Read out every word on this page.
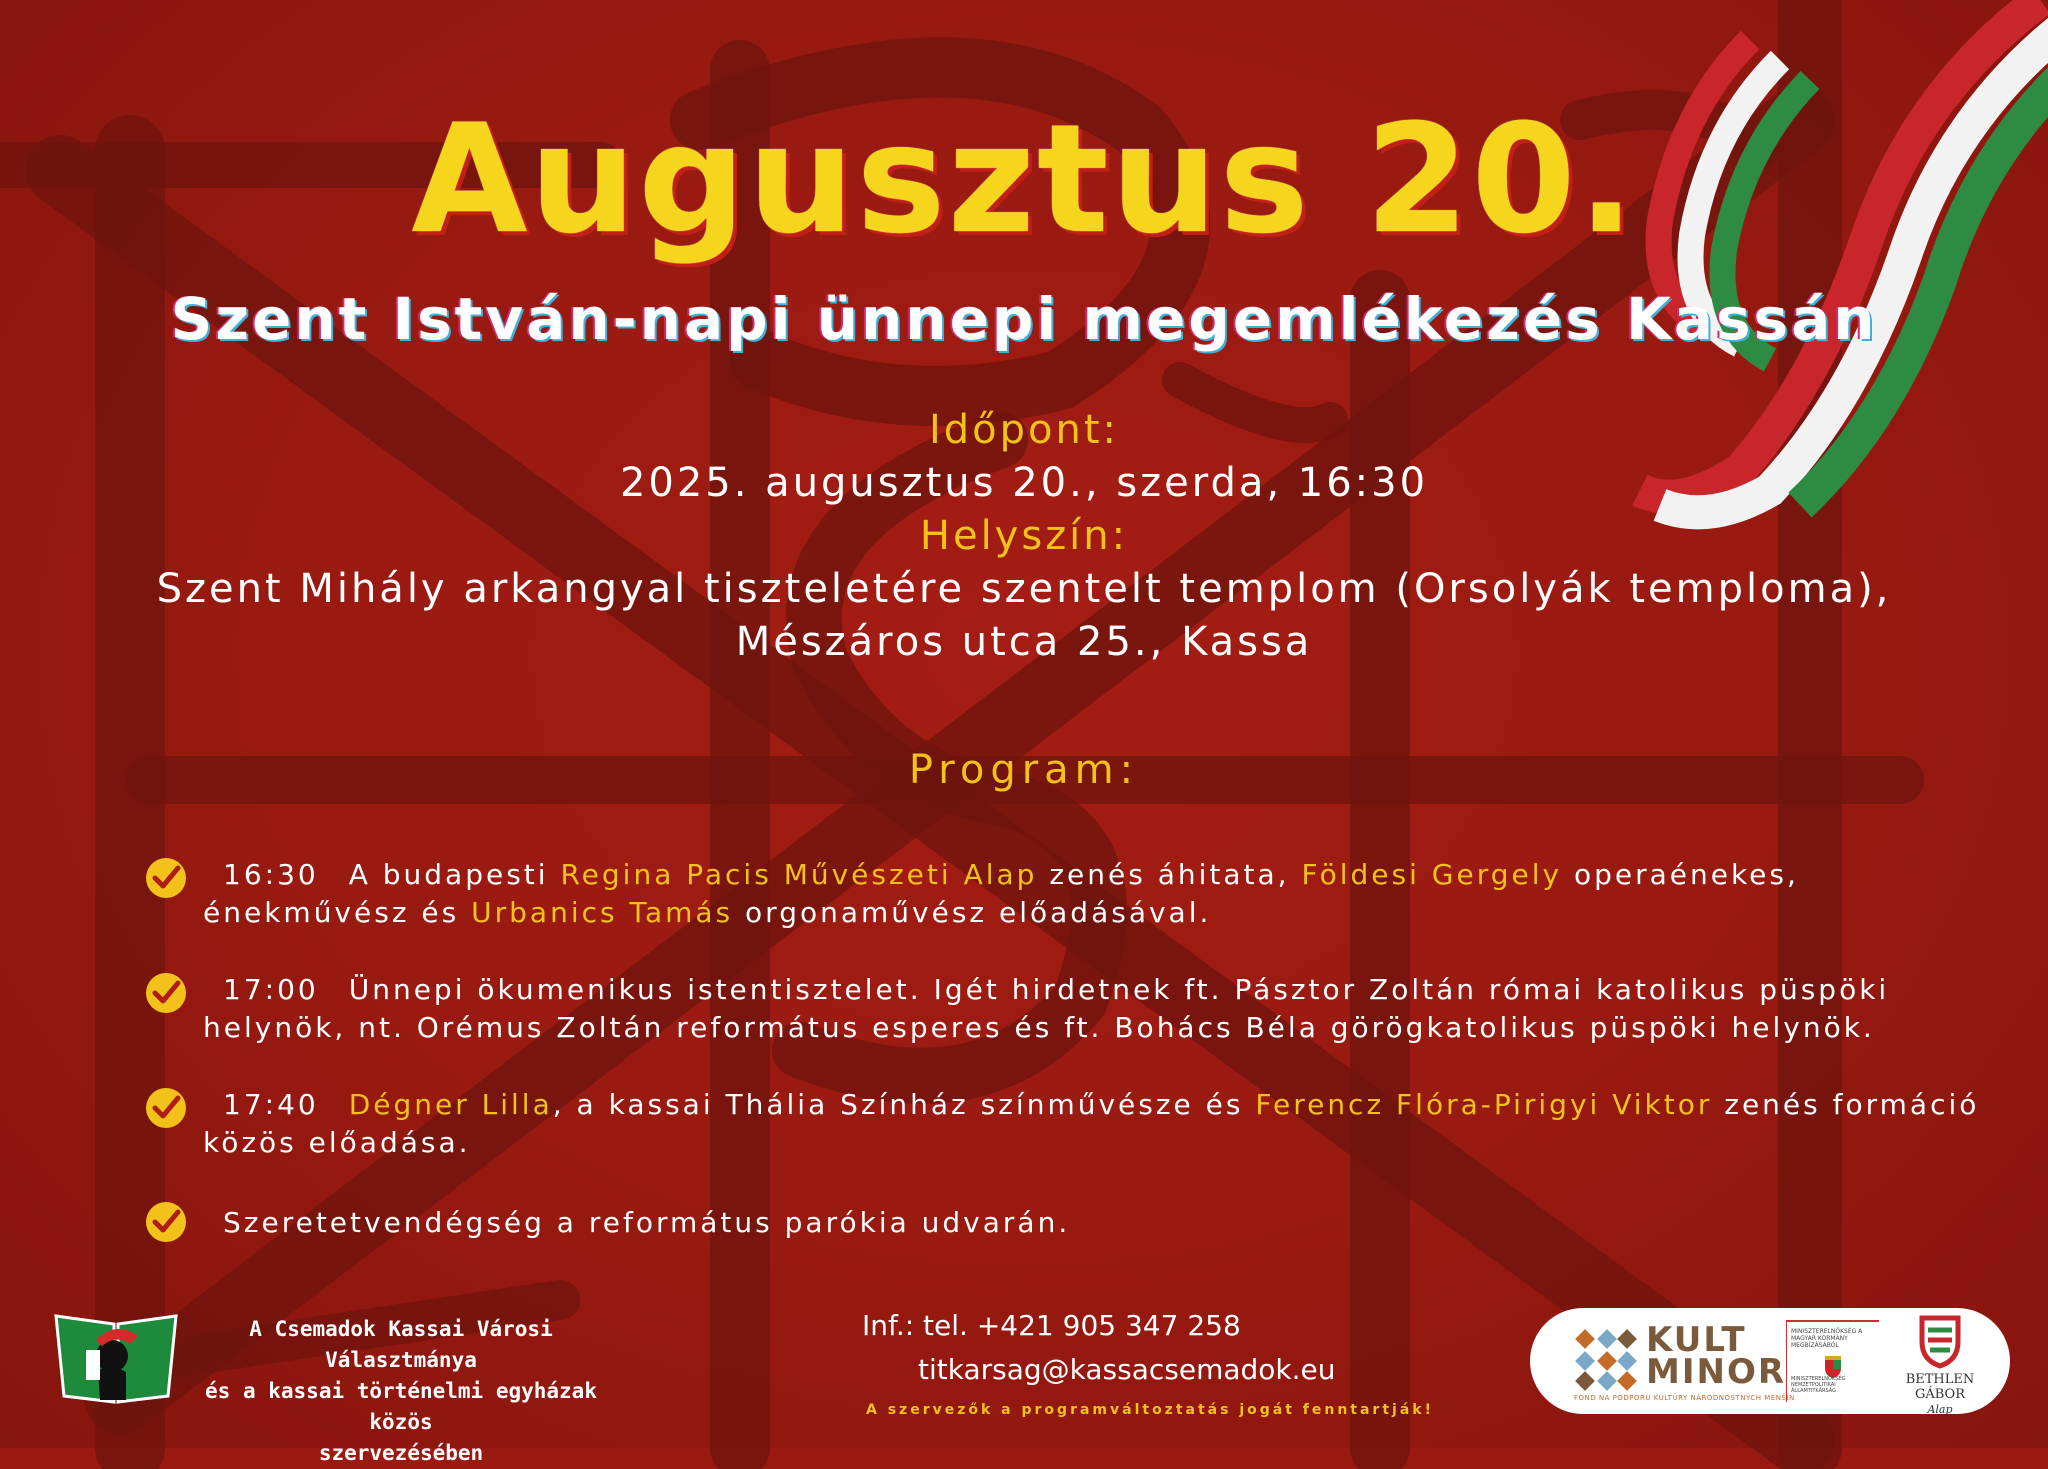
Augusztus 20.
Szent István-napi ünnepi megemlékezés Kassán
Időpont:
2025. augusztus 20., szerda, 16:30
Helyszín:
Szent Mihály arkangyal tiszteletére szentelt templom (Orsolyák temploma),
Mészáros utca 25., Kassa
Program:
16:30 A budapesti Regina Pacis Művészeti Alap zenés áhitata, Földesi Gergely operaénekes,
énekművész és Urbanics Tamás orgonaművész előadásával.
17:00 Ünnepi ökumenikus istentisztelet. Igét hirdetnek ft. Pásztor Zoltán római katolikus püspöki
helynök, nt. Orémus Zoltán református esperes és ft. Bohács Béla görögkatolikus püspöki helynök.
17:40 Dégner Lilla, a kassai Thália Színház színművésze és Ferencz Flóra-Pirigyi Viktor zenés formáció
közös előadása.
Szeretetvendégség a református parókia udvarán.
A Csemadok Kassai Városi Választmánya
és a kassai történelmi egyházak közös
szervezésében
Inf.: tel. +421 905 347 258
titkarsag@kassacsemadok.eu
A szervezők a programváltoztatás jogát fenntartják!
KULT
MINOR
FOND NA PODPORU KULTÚRY NÁRODNOSTNÝCH MENŠÍN
MINISZTERELNÖKSÉG A MAGYAR KORMÁNY MEGBÍZÁSÁBÓL
MINISZTERELNÖKSÉG NEMZETPOLITIKAI ÁLLAMTITKÁRSÁG
BETHLEN GÁBOR
Alap
